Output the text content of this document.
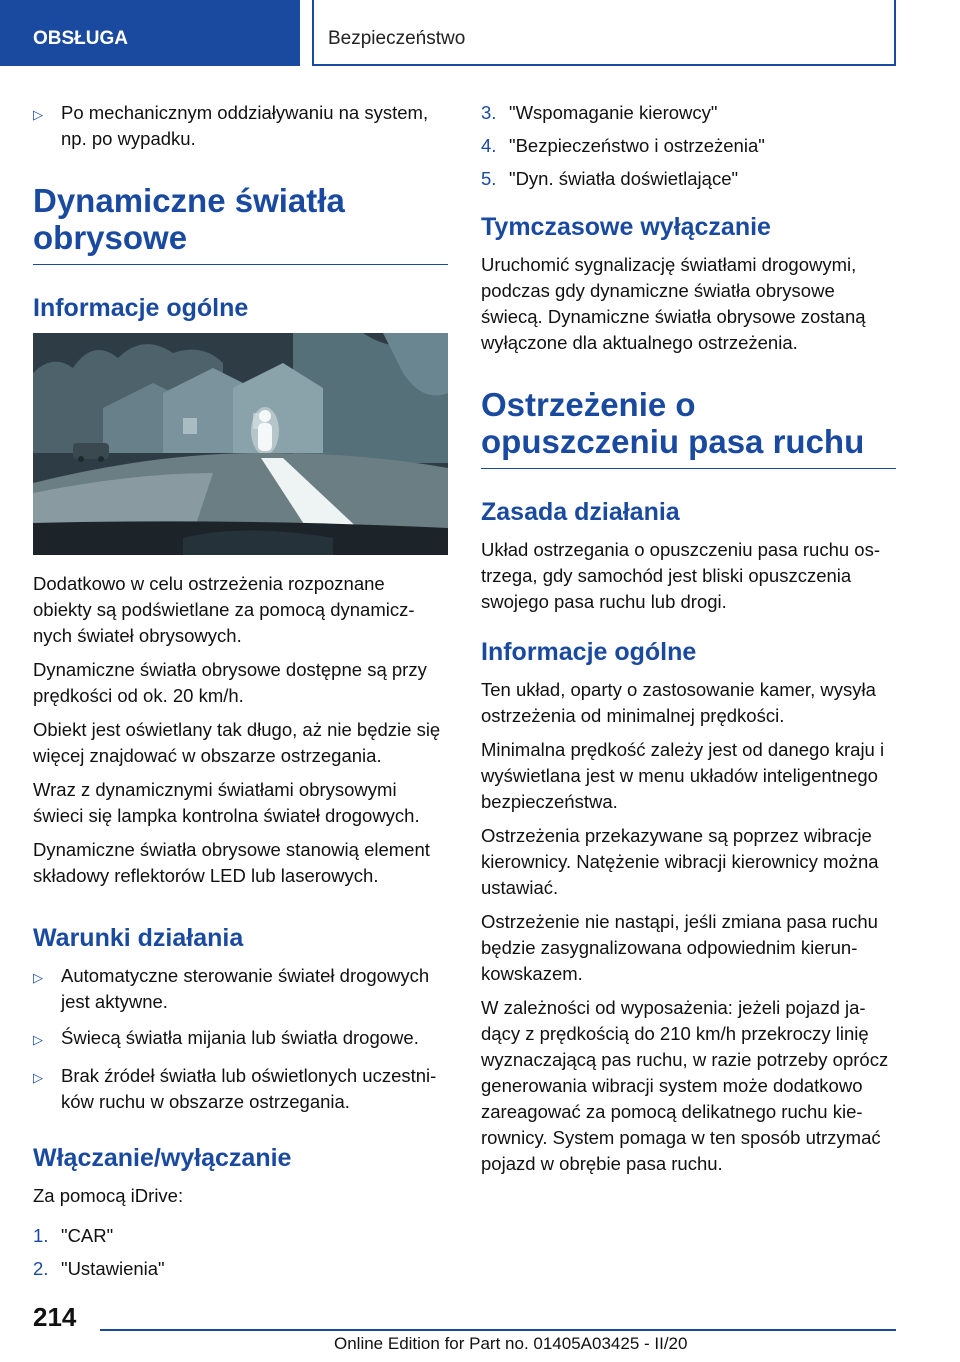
OBSŁUGA	Bezpieczeństwo
▷ Po mechanicznym oddziaływaniu na system, np. po wypadku.
Dynamiczne światła obrysowe
Informacje ogólne

Dodatkowo w celu ostrzeżenia rozpoznane obiekty są podświetlane za pomocą dynamicz-nych świateł obrysowych.

Dynamiczne światła obrysowe dostępne są przy prędkości od ok. 20 km/h.

Obiekt jest oświetlany tak długo, aż nie będzie się więcej znajdować w obszarze ostrzegania.

Wraz z dynamicznymi światłami obrysowymi świeci się lampka kontrolna świateł drogowych.

Dynamiczne światła obrysowe stanowią element składowy reflektorów LED lub laserowych.

Warunki działania
▷ Automatyczne sterowanie świateł drogowych jest aktywne.
▷ Świecą światła mijania lub światła drogowe.
▷ Brak źródeł światła lub oświetlonych uczestni-ków ruchu w obszarze ostrzegania.
Włączanie/wyłączanie

Za pomocą iDrive:

1. "CAR"
2. "Ustawienia"
3. "Wspomaganie kierowcy"
4. "Bezpieczeństwo i ostrzeżenia"
5. "Dyn. światła doświetlające"
Tymczasowe wyłączanie

Uruchomić sygnalizację światłami drogowymi, podczas gdy dynamiczne światła obrysowe świecą. Dynamiczne światła obrysowe zostaną wyłączone dla aktualnego ostrzeżenia.

Ostrzeżenie o opuszczeniu pasa ruchu
Zasada działania

Układ ostrzegania o opuszczeniu pasa ruchu os-trzega, gdy samochód jest bliski opuszczenia swojego pasa ruchu lub drogi.

Informacje ogólne

Ten układ, oparty o zastosowanie kamer, wysyła ostrzeżenia od minimalnej prędkości.

Minimalna prędkość zależy jest od danego kraju i wyświetlana jest w menu układów inteligentnego bezpieczeństwa.

Ostrzeżenia przekazywane są poprzez wibracje kierownicy. Natężenie wibracji kierownicy można ustawiać.

Ostrzeżenie nie nastąpi, jeśli zmiana pasa ruchu będzie zasygnalizowana odpowiednim kierun-kowskazem.

W zależności od wyposażenia: jeżeli pojazd ja-dący z prędkością do 210 km/h przekroczy linię wyznaczającą pas ruchu, w razie potrzeby oprócz generowania wibracji system może dodatkowo zareagować za pomocą delikatnego ruchu kie-rownicy. System pomaga w ten sposób utrzymać pojazd w obrębie pasa ruchu.

214
Online Edition for Part no. 01405A03425 - II/20
